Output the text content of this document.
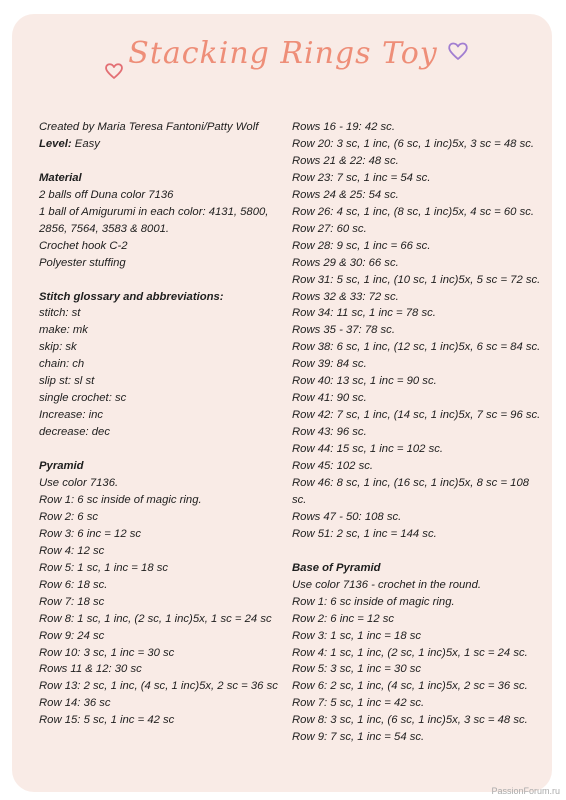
Stacking Rings Toy

Created by Maria Teresa Fantoni/Patty Wolf

Level: Easy

Material

2 balls off Duna color 7136

1 ball of Amigurumi in each color: 4131, 5800,

2856, 7564, 3583 & 8001.

Crochet hook C-2

Polyester stuffing

Stitch glossary and abbreviations:

stitch: st

make: mk

skip: sk

chain: ch

slip st: sl st

single crochet: sc

Increase: inc

decrease: dec

Pyramid

Use color 7136.

Row 1: 6 sc inside of magic ring.

Row 2: 6 sc

Row 3: 6 inc = 12 sc

Row 4: 12 sc

Row 5: 1 sc, 1 inc = 18 sc

Row 6: 18 sc.

Row 7: 18 sc

Row 8: 1 sc, 1 inc, (2 sc, 1 inc)5x, 1 sc = 24 sc

Row 9: 24 sc

Row 10: 3 sc, 1 inc = 30 sc

Rows 11 & 12: 30 sc

Row 13: 2 sc, 1 inc, (4 sc, 1 inc)5x, 2 sc = 36 sc

Row 14: 36 sc

Row 15: 5 sc, 1 inc = 42 sc

Rows 16 - 19: 42 sc.

Row 20: 3 sc, 1 inc, (6 sc, 1 inc)5x, 3 sc = 48 sc.

Rows 21 & 22: 48 sc.

Row 23: 7 sc, 1 inc = 54 sc.

Rows 24 & 25: 54 sc.

Row 26: 4 sc, 1 inc, (8 sc, 1 inc)5x, 4 sc = 60 sc.

Row 27: 60 sc.

Row 28: 9 sc, 1 inc = 66 sc.

Rows 29 & 30: 66 sc.

Row 31: 5 sc, 1 inc, (10 sc, 1 inc)5x, 5 sc = 72 sc.

Rows 32 & 33: 72 sc.

Row 34: 11 sc, 1 inc = 78 sc.

Rows 35 - 37: 78 sc.

Row 38: 6 sc, 1 inc, (12 sc, 1 inc)5x, 6 sc = 84 sc.

Row 39: 84 sc.

Row 40: 13 sc, 1 inc = 90 sc.

Row 41: 90 sc.

Row 42: 7 sc, 1 inc, (14 sc, 1 inc)5x, 7 sc = 96 sc.

Row 43: 96 sc.

Row 44: 15 sc, 1 inc = 102 sc.

Row 45: 102 sc.

Row 46: 8 sc, 1 inc, (16 sc, 1 inc)5x, 8 sc = 108 sc.

Rows 47 - 50: 108 sc.

Row 51: 2 sc, 1 inc = 144 sc.

Base of Pyramid

Use color 7136 - crochet in the round.

Row 1: 6 sc inside of magic ring.

Row 2: 6 inc = 12 sc

Row 3: 1 sc, 1 inc = 18 sc

Row 4: 1 sc, 1 inc, (2 sc, 1 inc)5x, 1 sc = 24 sc.

Row 5: 3 sc, 1 inc = 30 sc

Row 6: 2 sc, 1 inc, (4 sc, 1 inc)5x, 2 sc = 36 sc.

Row 7: 5 sc, 1 inc = 42 sc.

Row 8: 3 sc, 1 inc, (6 sc, 1 inc)5x, 3 sc = 48 sc.

Row 9: 7 sc, 1 inc = 54 sc.

PassionForum.ru
